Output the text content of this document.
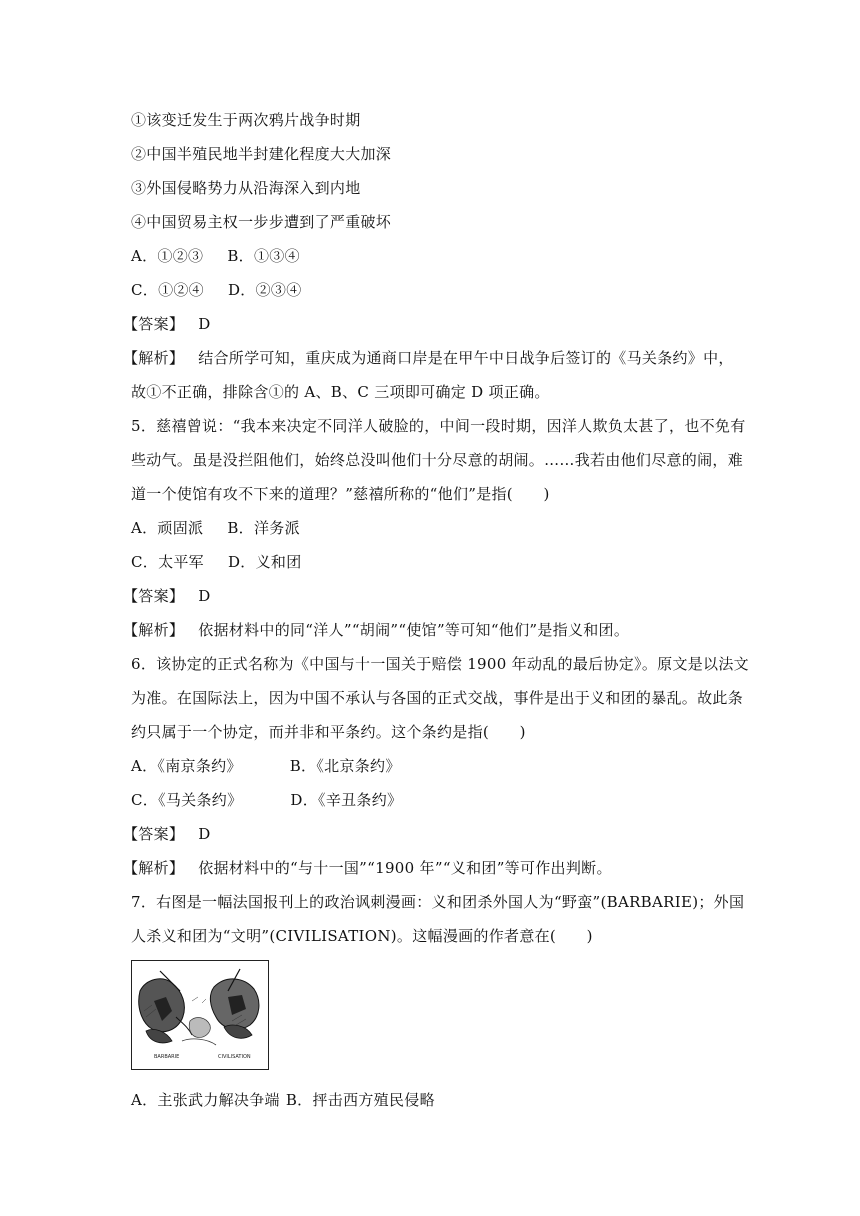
①该变迁发生于两次鸦片战争时期
②中国半殖民地半封建化程度大大加深
③外国侵略势力从沿海深入到内地
④中国贸易主权一步步遭到了严重破坏
A．①②③ B．①③④
C．①②④ D．②③④
【答案】 D
【解析】 结合所学可知，重庆成为通商口岸是在甲午中日战争后签订的《马关条约》中，
故①不正确，排除含①的 A、B、C 三项即可确定 D 项正确。
5．慈禧曾说：“我本来决定不同洋人破脸的，中间一段时期，因洋人欺负太甚了，也不免有
些动气。虽是没拦阻他们，始终总没叫他们十分尽意的胡闹。……我若由他们尽意的闹，难
道一个使馆有攻不下来的道理？”慈禧所称的“他们”是指(　　)
A．顽固派 B．洋务派
C．太平军 D．义和团
【答案】 D
【解析】 依据材料中的同“洋人”“胡闹”“使馆”等可知“他们”是指义和团。
6．该协定的正式名称为《中国与十一国关于赔偿 1900 年动乱的最后协定》。原文是以法文
为准。在国际法上，因为中国不承认与各国的正式交战，事件是出于义和团的暴乱。故此条
约只属于一个协定，而并非和平条约。这个条约是指(　　)
A．《南京条约》	B．《北京条约》
C．《马关条约》	D．《辛丑条约》
【答案】 D
【解析】 依据材料中的“与十一国”“1900 年”“义和团”等可作出判断。
7．右图是一幅法国报刊上的政治讽刺漫画：义和团杀外国人为“野蛮”(BARBARIE)；外国
人杀义和团为“文明”(CIVILISATION)。这幅漫画的作者意在(　　)
BARBARIE	CIVILISATION
A．主张武力解决争端 B．抨击西方殖民侵略
